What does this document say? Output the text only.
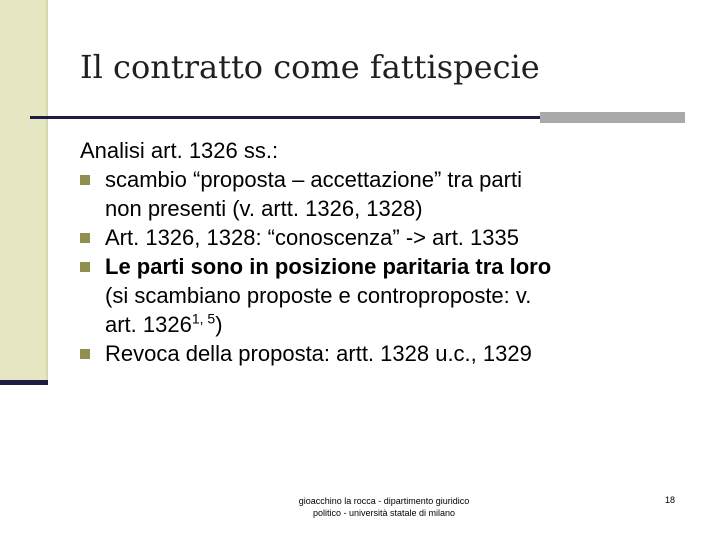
Il contratto come fattispecie
Analisi art. 1326 ss.:
scambio “proposta – accettazione” tra parti
non presenti (v. artt. 1326, 1328)
Art. 1326, 1328: “conoscenza” -> art. 1335
Le parti sono in posizione paritaria tra loro
(si scambiano proposte e controproposte: v.
art. 1326$^{1, 5}$)
Revoca della proposta: artt. 1328 u.c., 1329
gioacchino la rocca - dipartimento giuridico
politico - università statale di milano
18
